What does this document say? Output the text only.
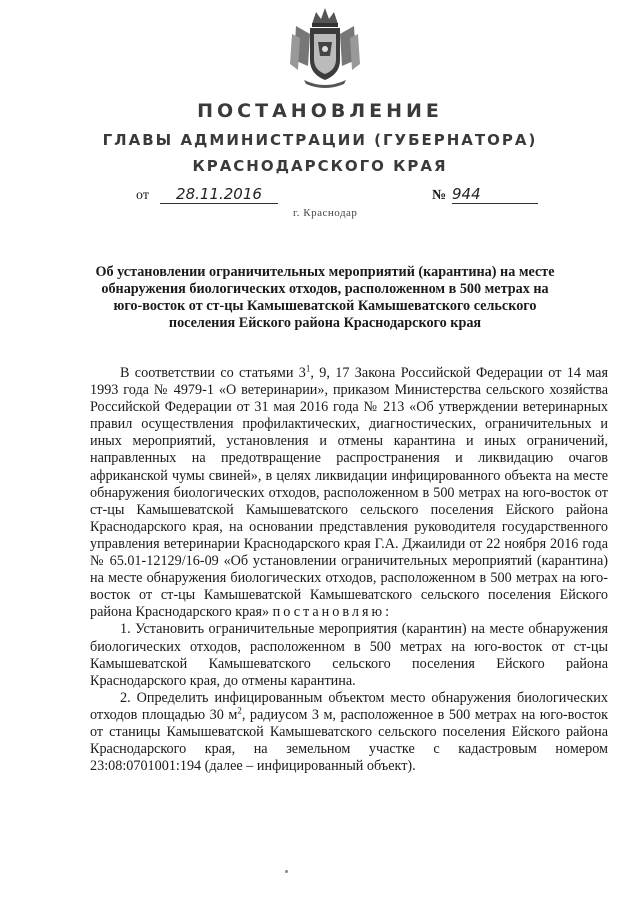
ПОСТАНОВЛЕНИЕ
ГЛАВЫ АДМИНИСТРАЦИИ (ГУБЕРНАТОРА)
КРАСНОДАРСКОГО КРАЯ
от	28.11.2016	№ 944
г. Краснодар
Об установлении ограничительных мероприятий (карантина) на месте обнаружения биологических отходов, расположенном в 500 метрах на юго-восток от ст-цы Камышеватской Камышеватского сельского поселения Ейского района Краснодарского края

В соответствии со статьями $3^1$, 9, 17 Закона Российской Федерации от 14 мая 1993 года № 4979-1 «О ветеринарии», приказом Министерства сельского хозяйства Российской Федерации от 31 мая 2016 года № 213 «Об утверждении ветеринарных правил осуществления профилактических, диагностических, ограничительных и иных мероприятий, установления и отмены карантина и иных ограничений, направленных на предотвращение распространения и ликвидацию очагов африканской чумы свиней», в целях ликвидации инфицированного объекта на месте обнаружения биологических отходов, расположенном в 500 метрах на юго-восток от ст-цы Камышеватской Камышеватского сельского поселения Ейского района Краснодарского края, на основании представления руководителя государственного управления ветеринарии Краснодарского края Г.А. Джаилиди от 22 ноября 2016 года № 65.01-12129/16-09 «Об установлении ограничительных мероприятий (карантина) на месте обнаружения биологических отходов, расположенном в 500 метрах на юго-восток от ст-цы Камышеватской Камышеватского сельского поселения Ейского района Краснодарского края» постановляю:

1. Установить ограничительные мероприятия (карантин) на месте обнаружения биологических отходов, расположенном в 500 метрах на юго-восток от ст-цы Камышеватской Камышеватского сельского поселения Ейского района Краснодарского края, до отмены карантина.

2. Определить инфицированным объектом место обнаружения биологических отходов площадью 30 $м^2$, радиусом 3 м, расположенное в 500 метрах на юго-восток от станицы Камышеватской Камышеватского сельского поселения Ейского района Краснодарского края, на земельном участке с кадастровым номером 23:08:0701001:194 (далее – инфицированный объект).
